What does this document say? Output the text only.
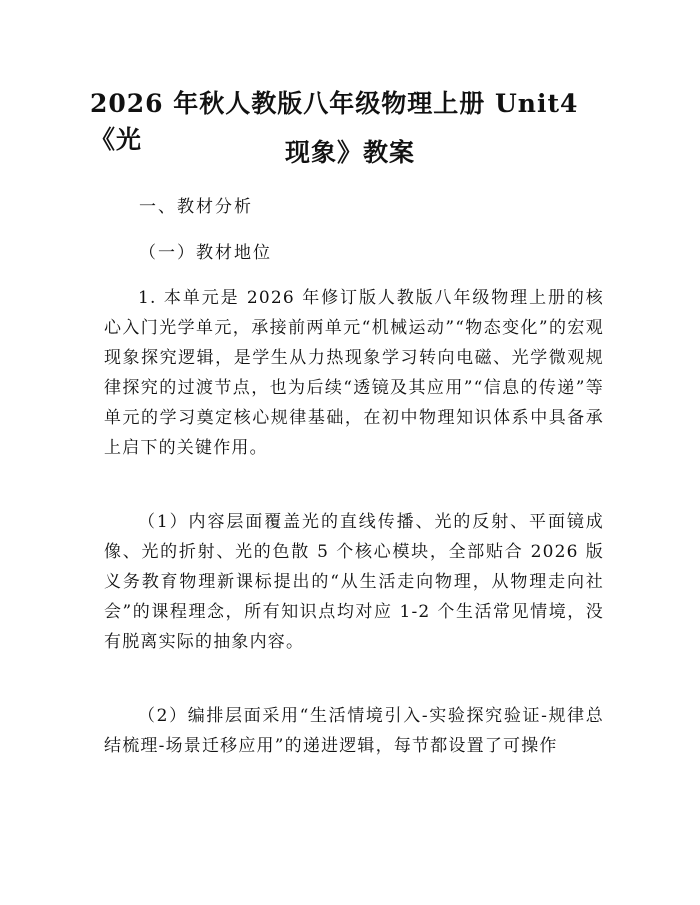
2026 年秋人教版八年级物理上册 Unit4《光	现象》教案

一、教材分析

（一）教材地位

1. 本单元是 2026 年修订版人教版八年级物理上册的核心入门光学单元，承接前两单元“机械运动”“物态变化”的宏观现象探究逻辑，是学生从力热现象学习转向电磁、光学微观规律探究的过渡节点，也为后续“透镜及其应用”“信息的传递”等单元的学习奠定核心规律基础，在初中物理知识体系中具备承上启下的关键作用。

（1）内容层面覆盖光的直线传播、光的反射、平面镜成像、光的折射、光的色散 5 个核心模块，全部贴合 2026 版义务教育物理新课标提出的“从生活走向物理，从物理走向社会”的课程理念，所有知识点均对应 1-2 个生活常见情境，没有脱离实际的抽象内容。

（2）编排层面采用“生活情境引入-实验探究验证-规律总结梳理-场景迁移应用”的递进逻辑，每节都设置了可操作
